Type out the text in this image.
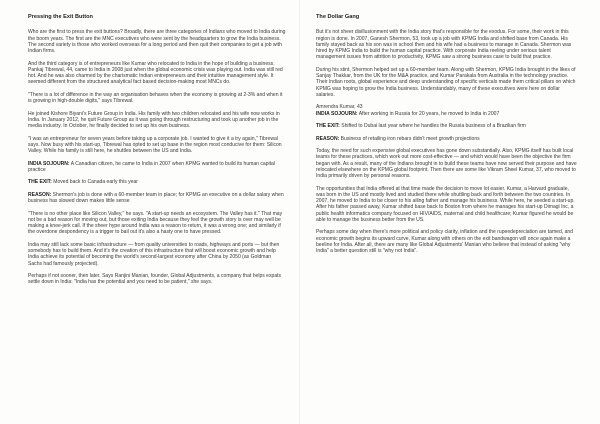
Pressing the Exit Button

Who are the first to press the exit buttons? Broadly, there are three categories of Indians who moved to India during the boom years. The first are the MNC executives who were sent by the headquarters to grow the India business. The second variety is those who worked overseas for a long period and then quit their companies to get a job with Indian firms.

And the third category is of entrepreneurs like Kumar who relocated to India in the hope of building a business. Pankaj Tibrewal, 44, came to India in 2008 just when the global economic crisis was playing out. India was still red hot. And he was also charmed by the charismatic Indian entrepreneurs and their intuitive management style. It seemed different from the structured analytical fact based decision-making most MNCs do.

"There is a lot of difference in the way an organisation behaves when the economy is growing at 2-3% and when it is growing in high-double digits," says Tibrewal.

He joined Kishore Biyani's Future Group in India. His family with two children relocated and his wife now works in India. In January 2012, he quit Future Group as it was going through restructuring and took up another job in the media industry. In October, he finally decided to set up his own business.

"I was an entrepreneur for seven years before taking up a corporate job. I wanted to give it a try again," Tibrewal says. Now busy with his start-up, Tibrewal has opted to set up base in the region most conducive for them: Silicon Valley. While his family is still here, he shuttles between the US and India.

INDIA SOJOURN: A Canadian citizen, he came to India in 2007 when KPMG wanted to build its human capital practice

THE EXIT: Moved back to Canada early this year

REASON: Shermon's job is done with a 60-member team in place; for KPMG an executive on a dollar salary when business has slowed down makes little sense

"There is no other place like Silicon Valley," he says. "A start-up needs an ecosystem. The Valley has it." That may not be a bad reason for moving out, but those exiting India because they feel the growth story is over may well be making a knee-jerk call. If the sheer hype around India was a reason to return, it was a wrong one; and similarly if the overdone despondency is a trigger to bail out it's also a hasty one to have pressed.

India may still lack some basic infrastructure — from quality universities to roads, highways and ports — but then somebody has to build them. And it's the creation of this infrastructure that will boost economic growth and help India achieve its potential of becoming the world's second-largest economy after China by 2050 (as Goldman Sachs had famously projected).

Perhaps if not sooner, then later. Says Ranjini Manian, founder, Global Adjustments, a company that helps expats settle down in India: "India has the potential and you need to be patient," she says.

The Dollar Gang

But it's not sheer disillusionment with the India story that's responsible for the exodus. For some, their work in this region is done. In 2007, Ganesh Shermon, 53, took up a job with KPMG India and shifted base from Canada. His family stayed back as his son was in school then and his wife had a business to manage in Canada. Shermon was hired by KPMG India to build the human capital practice. With corporate India reeling under serious talent management issues from attrition to productivity, KPMG saw a strong business case to build that practice.

During his stint, Shermon helped set up a 60-member team. Along with Shermon, KPMG India brought in the likes of Sanjay Thakkar, from the UK for the M&A practice, and Kumar Parakala from Australia in the technology practice. Their Indian roots, global experience and deep understanding of specific verticals made them critical pillars on which KPMG was hoping to grow the India business. Understandably, many of these executives were here on dollar salaries.

Amrendra Kumar, 43

INDIA SOJOURN: After working in Russia for 20 years, he moved to India in 2007

THE EXIT: Shifted to Dubai last year where he handles the Russia business of a Brazilian firm

REASON: Business of retailing iron rebars didn't meet growth projections

Today, the need for such expensive global executives has gone down substantially. Also, KPMG itself has built local teams for these practices, which work out more cost-effective — and which would have been the objective the firm began with. As a result, many of the Indians brought in to build these teams have now served their purpose and have relocated elsewhere on the KPMG global footprint. Then there are some like Vikram Sheel Kumar, 37, who moved to India primarily driven by personal reasons.

The opportunities that India offered at that time made the decision to move lot easier. Kumar, a Harvard graduate, was born in the US and mostly lived and studied there while shuttling back and forth between the two countries. In 2007, he moved to India to be closer to his ailing father and manage his business. While here, he seeded a start-up. After his father passed away, Kumar shifted base back to Boston from where he manages his start-up Dimagi Inc, a public health informatics company focused on HIV/AIDS, maternal and child healthcare; Kumar figured he would be able to manage the business better from the US.

Perhaps some day when there's more political and policy clarity, inflation and the rupeedepreciation are tamed, and economic growth begins its upward curve, Kumar along with others on the exit bandwagon will once again make a beeline for India. After all, there are many like Global Adjustments' Manian who believe that instead of asking "why India" a better question still is "why not India".
